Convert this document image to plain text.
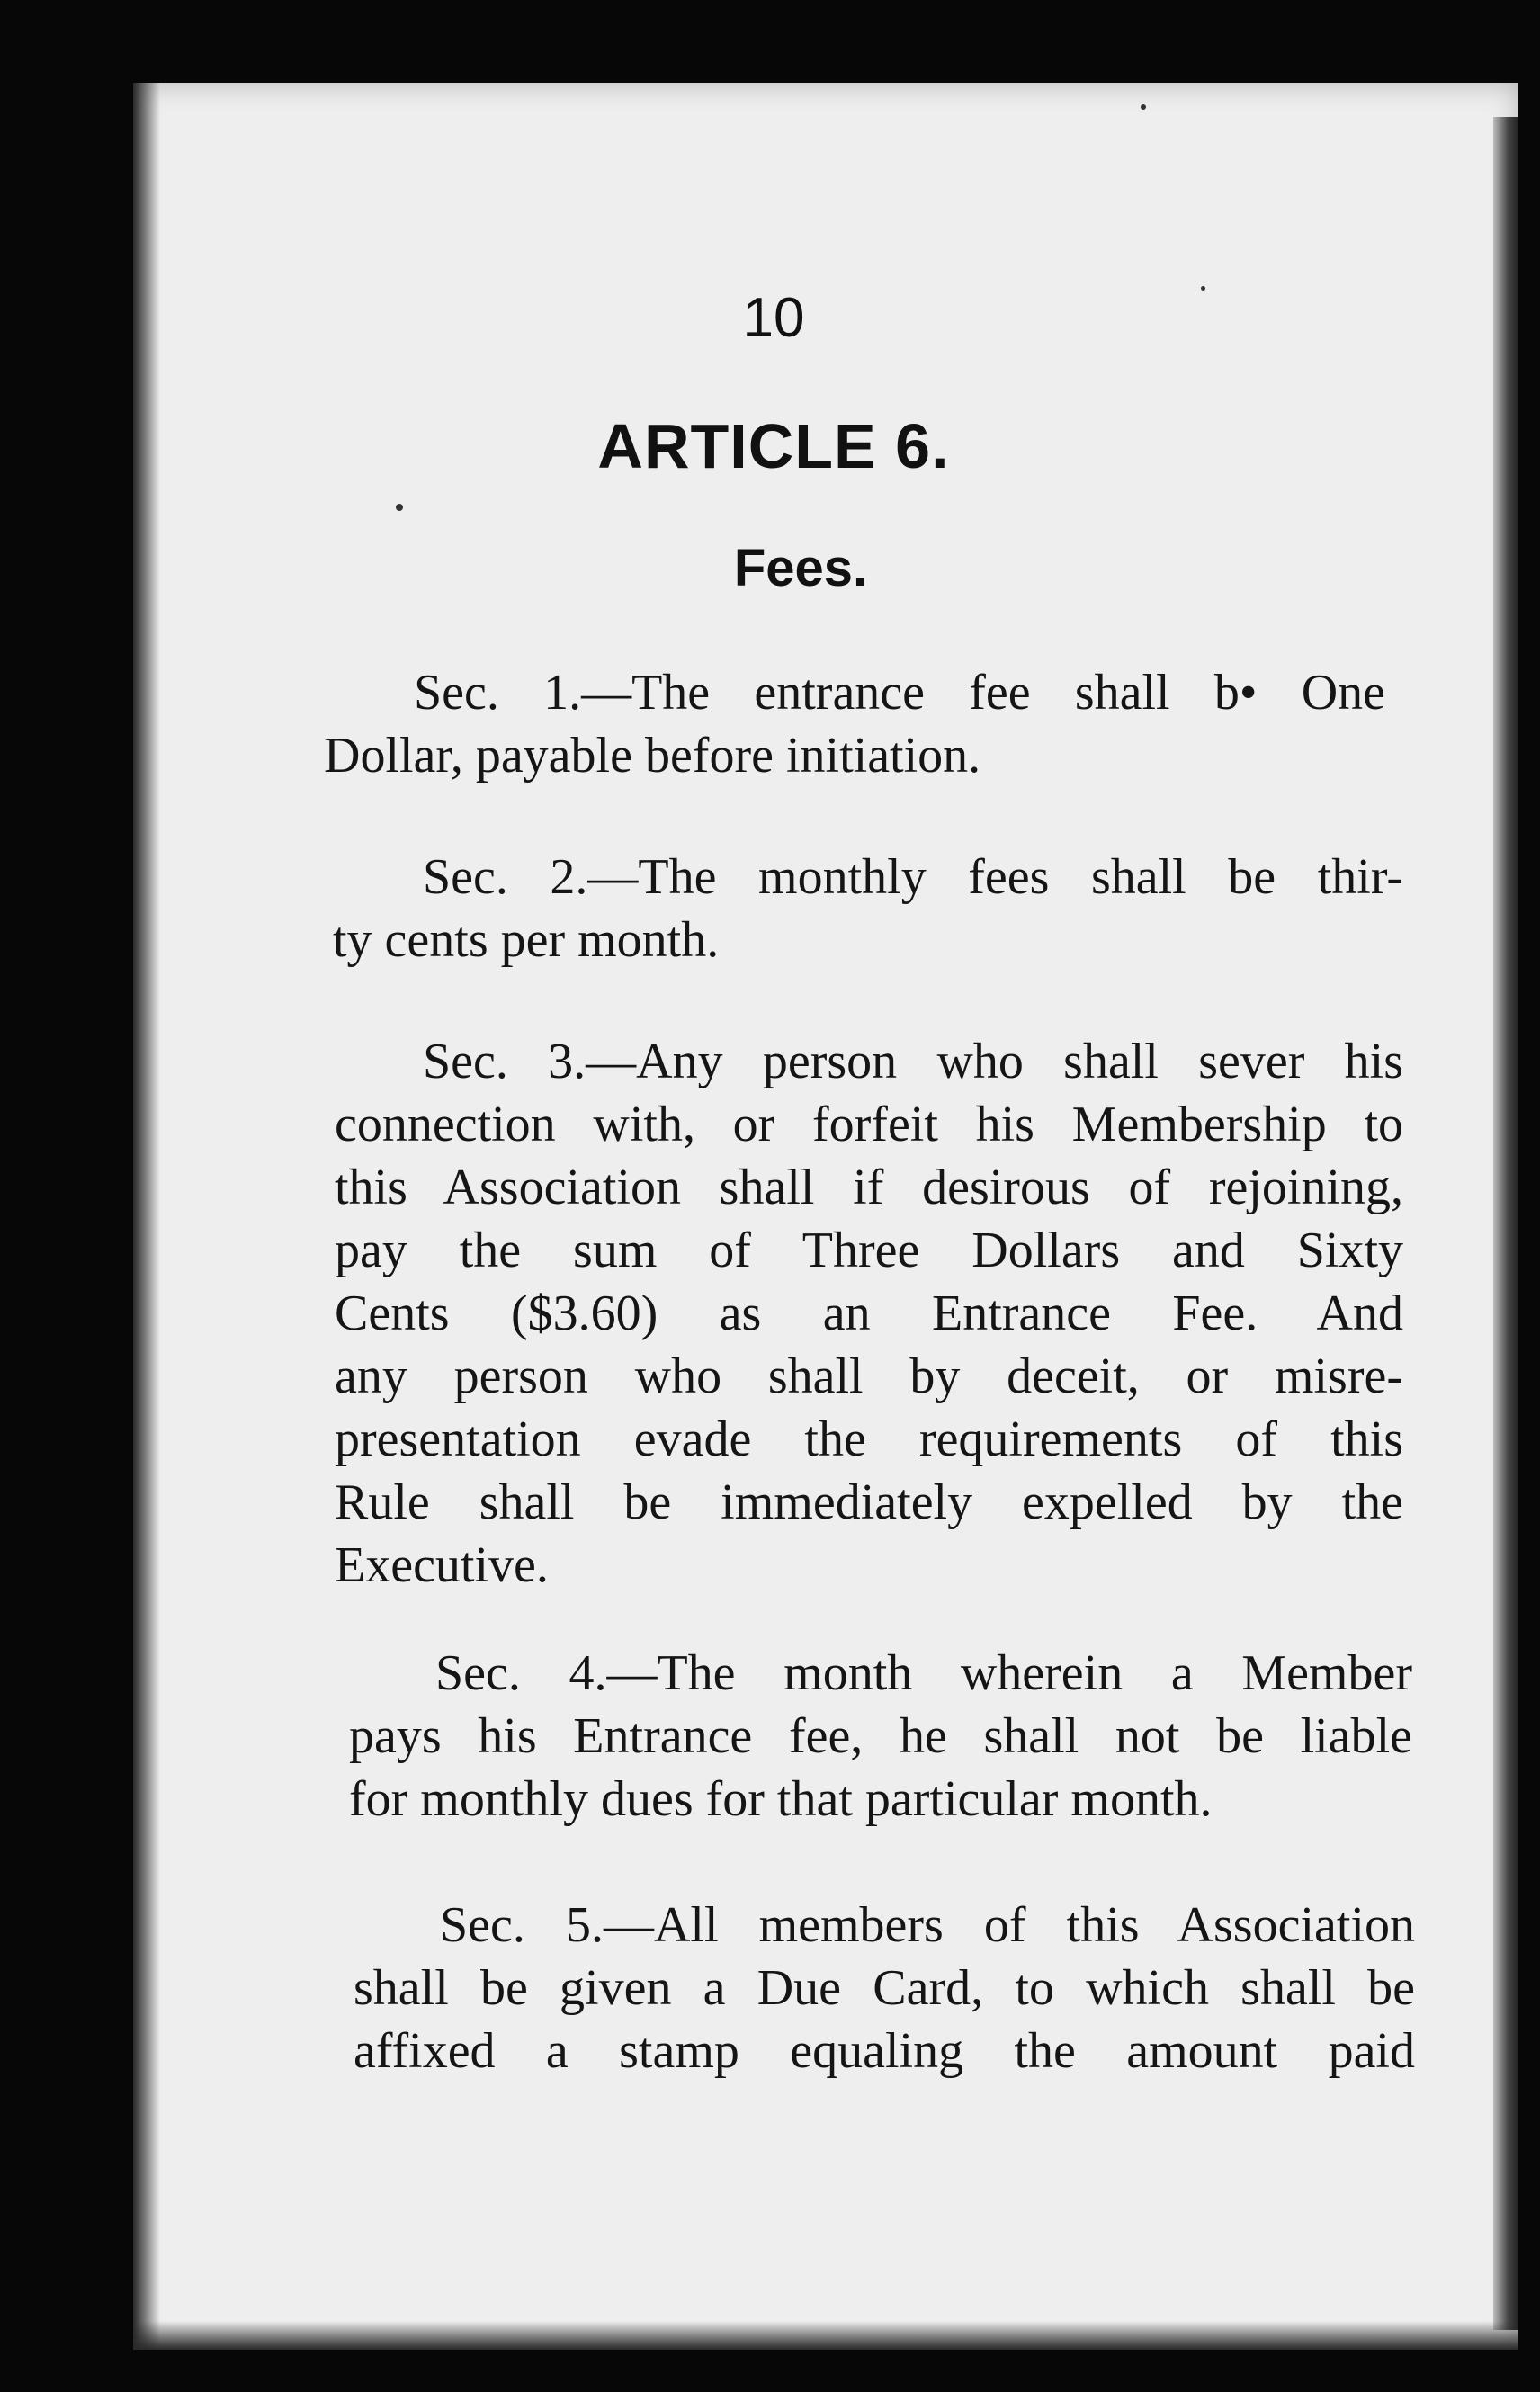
10
ARTICLE 6.
Fees.
Sec. 1.—The entrance fee shall b• One
Dollar, payable before initiation.
Sec. 2.—The monthly fees shall be thir-
ty cents per month.
Sec. 3.—Any person who shall sever his
connection with, or forfeit his Membership to
this Association shall if desirous of rejoining,
pay the sum of Three Dollars and Sixty
Cents ($3.60) as an Entrance Fee. And
any person who shall by deceit, or misre-
presentation evade the requirements of this
Rule shall be immediately expelled by the
Executive.
Sec. 4.—The month wherein a Member
pays his Entrance fee, he shall not be liable
for monthly dues for that particular month.
Sec. 5.—All members of this Association
shall be given a Due Card, to which shall be
affixed a stamp equaling the amount paid
